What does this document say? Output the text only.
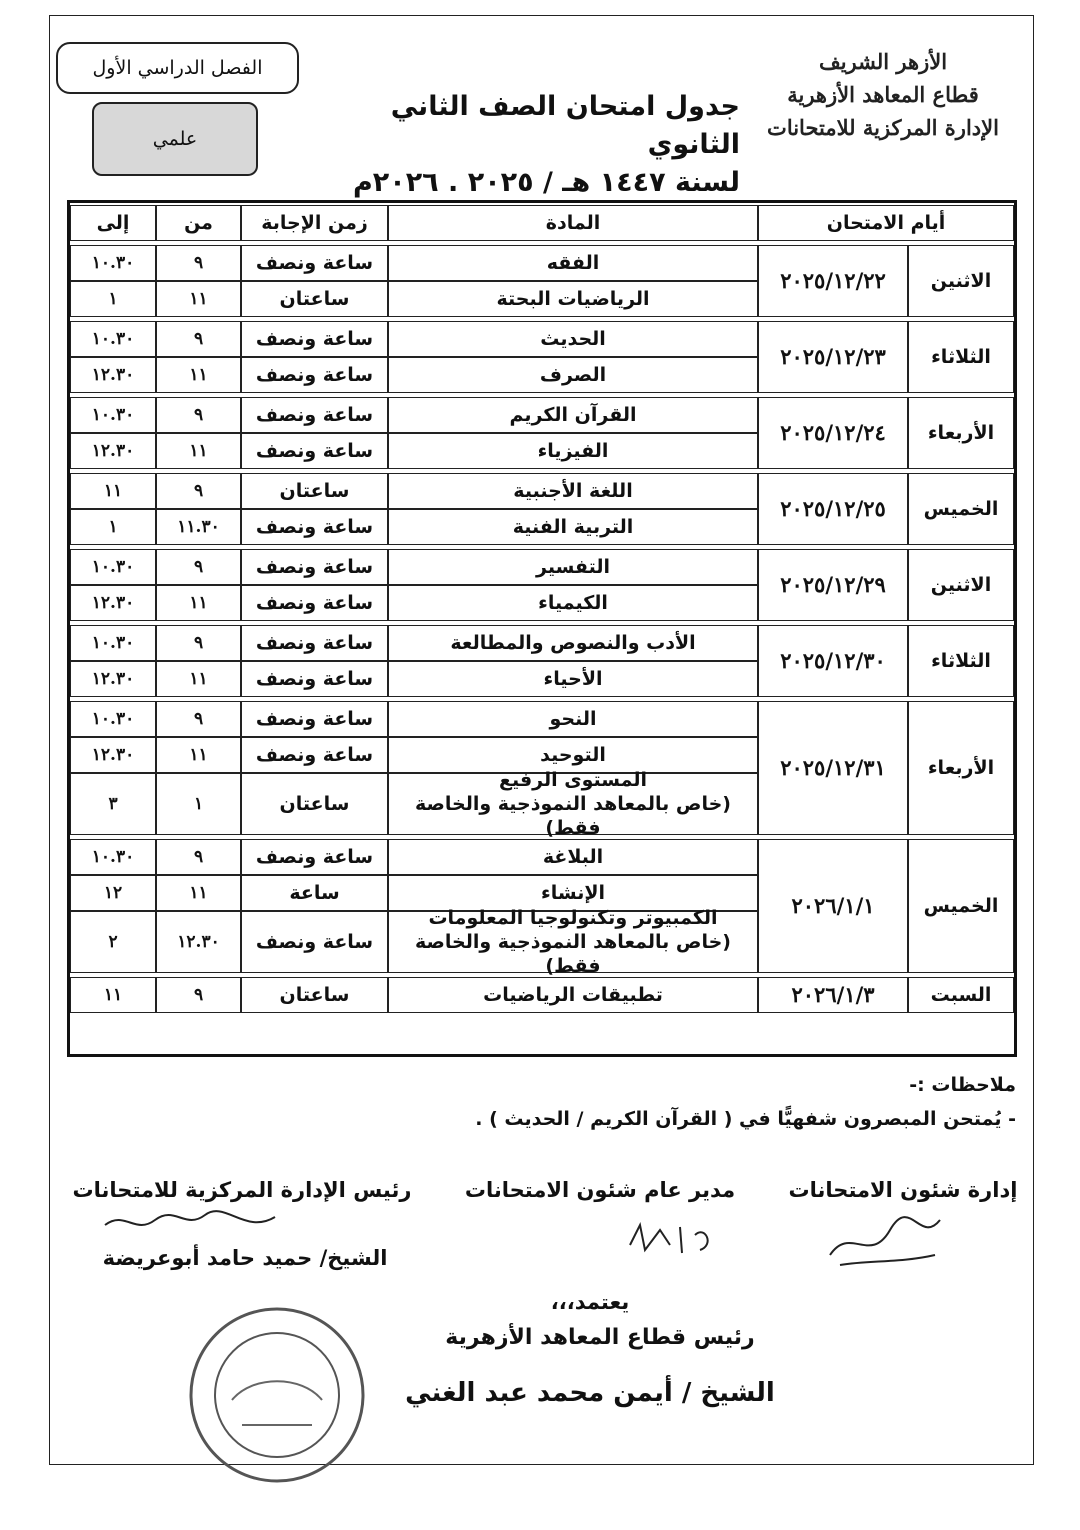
الأزهر الشريف
قطاع المعاهد الأزهرية
الإدارة المركزية للامتحانات
جدول امتحان الصف الثاني الثانوي
لسنة ١٤٤٧ هـ / ٢٠٢٥ . ٢٠٢٦م
الفصل الدراسي الأول
علمي
أيام الامتحان
المادة
زمن الإجابة
من
إلى
الاثنين
٢٠٢٥/١٢/٢٢
الفقه
ساعة ونصف
٩
١٠.٣٠
الرياضيات البحتة
ساعتان
١١
١
الثلاثاء
٢٠٢٥/١٢/٢٣
الحديث
ساعة ونصف
٩
١٠.٣٠
الصرف
ساعة ونصف
١١
١٢.٣٠
الأربعاء
٢٠٢٥/١٢/٢٤
القرآن الكريم
ساعة ونصف
٩
١٠.٣٠
الفيزياء
ساعة ونصف
١١
١٢.٣٠
الخميس
٢٠٢٥/١٢/٢٥
اللغة الأجنبية
ساعتان
٩
١١
التربية الفنية
ساعة ونصف
١١.٣٠
١
الاثنين
٢٠٢٥/١٢/٢٩
التفسير
ساعة ونصف
٩
١٠.٣٠
الكيمياء
ساعة ونصف
١١
١٢.٣٠
الثلاثاء
٢٠٢٥/١٢/٣٠
الأدب والنصوص والمطالعة
ساعة ونصف
٩
١٠.٣٠
الأحياء
ساعة ونصف
١١
١٢.٣٠
الأربعاء
٢٠٢٥/١٢/٣١
النحو
ساعة ونصف
٩
١٠.٣٠
التوحيد
ساعة ونصف
١١
١٢.٣٠
المستوى الرفيع
(خاص بالمعاهد النموذجية والخاصة فقط)
ساعتان
١
٣
الخميس
٢٠٢٦/١/١
البلاغة
ساعة ونصف
٩
١٠.٣٠
الإنشاء
ساعة
١١
١٢
الكمبيوتر وتكنولوجيا المعلومات
(خاص بالمعاهد النموذجية والخاصة فقط)
ساعة ونصف
١٢.٣٠
٢
السبت
٢٠٢٦/١/٣
تطبيقات الرياضيات
ساعتان
٩
١١
ملاحظات :-
- يُمتحن المبصرون شفهيًّا في ( القرآن الكريم / الحديث ) .
إدارة شئون الامتحانات
مدير عام شئون الامتحانات
رئيس الإدارة المركزية للامتحانات
الشيخ/ حميد حامد أبوعريضة
يعتمد،،،
رئيس قطاع المعاهد الأزهرية
الشيخ / أيمن محمد عبد الغني
